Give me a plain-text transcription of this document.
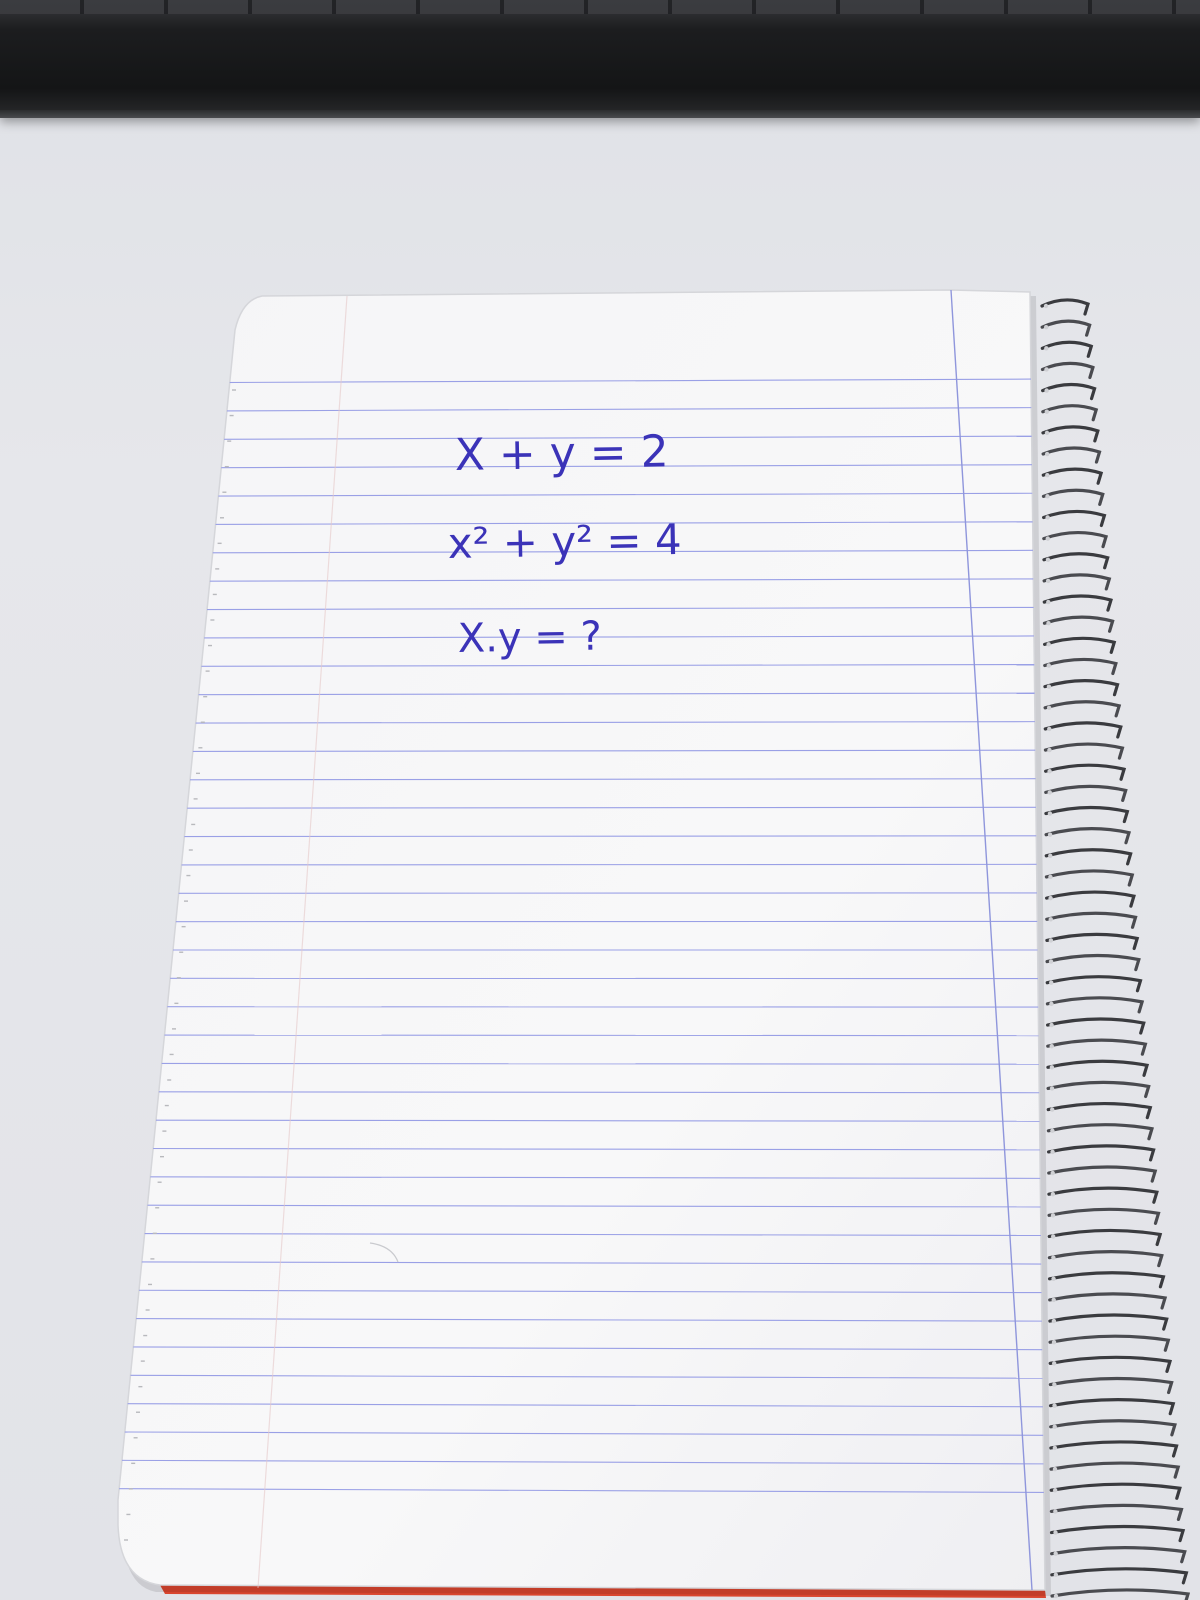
X + y = 2
x² + y² = 4
X.y = ?
